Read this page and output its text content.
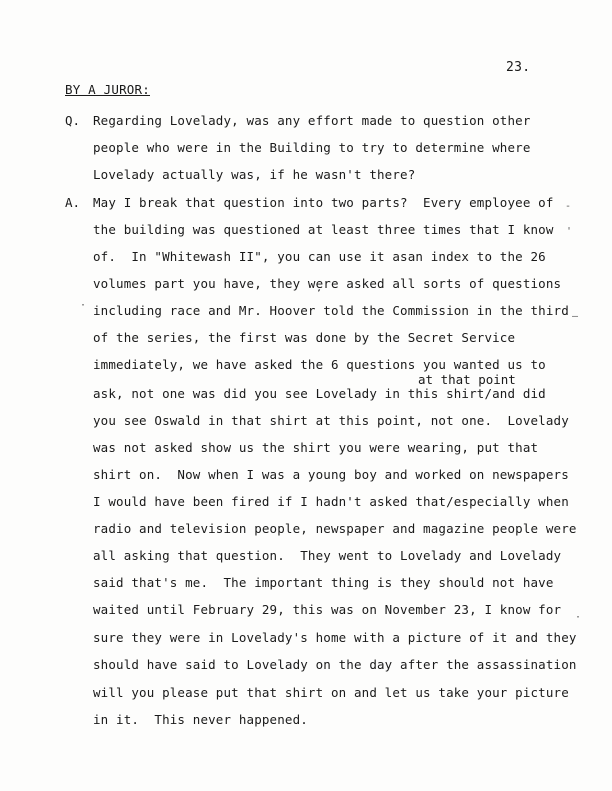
23.
BY A JUROR:
Q. Regarding Lovelady, was any effort made to question other
people who were in the Building to try to determine where
Lovelady actually was, if he wasn't there?
A. May I break that question into two parts?  Every employee of
the building was questioned at least three times that I know
of.  In "Whitewash II", you can use it asan index to the 26
volumes part you have, they we̦re asked all sorts of questions
including race and Mr. Hoover told the Commission in the third
of the series, the first was done by the Secret Service
immediately, we have asked the 6 questions you wanted us to
at that point
ask, not one was did you see Lovelady in this shirt/and did
you see Oswald in that shirt at this point, not one.  Lovelady
was not asked show us the shirt you were wearing, put that
shirt on.  Now when I was a young boy and worked on newspapers
I would have been fired if I hadn't asked that/especially when
radio and television people, newspaper and magazine people were
all asking that question.  They went to Lovelady and Lovelady
said that's me.  The important thing is they should not have
waited until February 29, this was on November 23, I know for
sure they were in Lovelady's home with a picture of it and they
should have said to Lovelady on the day after the assassination
will you please put that shirt on and let us take your picture
in it.  This never happened.
-
'
—
·
·
